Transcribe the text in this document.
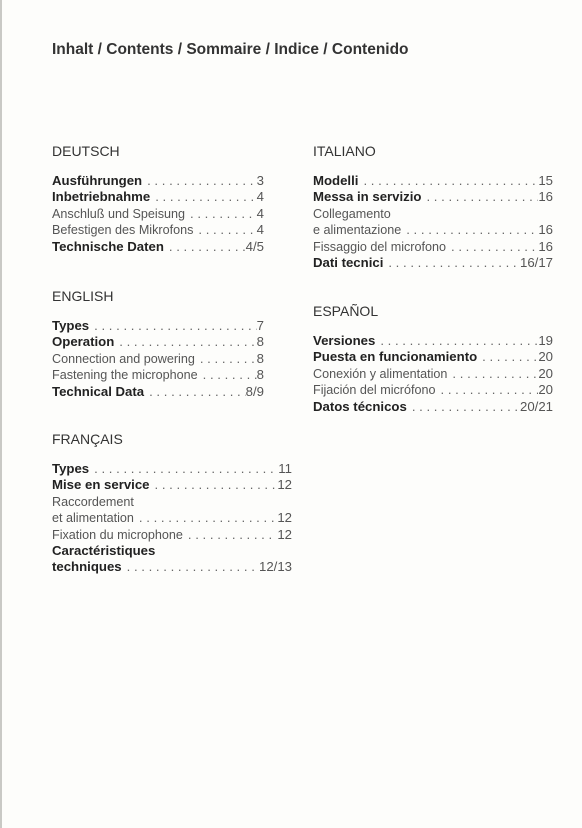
Inhalt / Contents / Sommaire / Indice / Contenido
DEUTSCH
Ausführungen . . .	3
Inbetriebnahme . . .	4
Anschluß und Speisung . . .	4
Befestigen des Mikrofons . . .	4
Technische Daten . . .	4/5
ENGLISH
Types . . .	7
Operation . . .	8
Connection and powering . . .	8
Fastening the microphone . . .	8
Technical Data . . .	8/9
FRANÇAIS
Types . . .	11
Mise en service . . .	12
Raccordement
et alimentation . . .	12
Fixation du microphone . . .	12
Caractéristiques
techniques . . .	12/13
ITALIANO
Modelli . . .	15
Messa in servizio . . .	16
Collegamento
e alimentazione . . .	16
Fissaggio del microfono . . .	16
Dati tecnici . . .	16/17
ESPAÑOL
Versiones . . .	19
Puesta en funcionamiento . . .	20
Conexión y alimentation . . .	20
Fijación del micrófono . . .	20
Datos técnicos . . .	20/21
